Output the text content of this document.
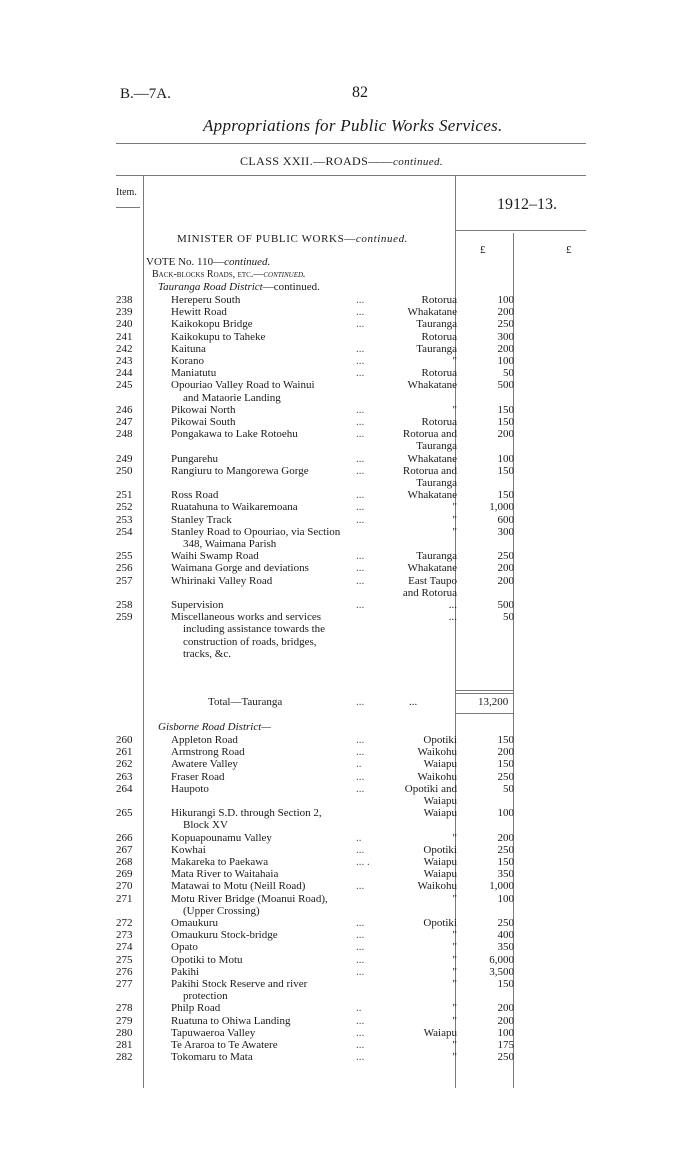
B.—7A.	82
Appropriations for Public Works Services.
CLASS XXII.—ROADS——continued.
Item.
1912–13.
MINISTER OF PUBLIC WORKS—continued.
£	£
VOTE No. 110—continued.
Back-blocks Roads, etc.—continued.
Tauranga Road District—continued.
238	Hereperu South	...	Rotorua	100
239	Hewitt Road	...	Whakatane	200
240	Kaikokopu Bridge	...	Tauranga	250
241	Kaikokupu to Taheke	Rotorua	300
242	Kaituna	...	Tauranga	200
243	Korano	...	"	100
244	Maniatutu	...	Rotorua	50
245	Opouriao Valley Road to Wainui	Whakatane	500
and Mataorie Landing
246	Pikowai North	...	"	150
247	Pikowai South	...	Rotorua	150
248	Pongakawa to Lake Rotoehu	...	Rotorua and	200
Tauranga
249	Pungarehu	...	Whakatane	100
250	Rangiuru to Mangorewa Gorge	...	Rotorua and	150
Tauranga
251	Ross Road	...	Whakatane	150
252	Ruatahuna to Waikaremoana	...	"	1,000
253	Stanley Track	...	"	600
254	Stanley Road to Opouriao, via Section	"	300
348, Waimana Parish
255	Waihi Swamp Road	...	Tauranga	250
256	Waimana Gorge and deviations	...	Whakatane	200
257	Whirinaki Valley Road	...	East Taupo	200
and Rotorua
258	Supervision	...	...	500
259	Miscellaneous works and services	...	50
including assistance towards the
construction of roads, bridges,
tracks, &c.
Total—Tauranga	...	...	13,200
Gisborne Road District—
260	Appleton Road	...	Opotiki	150
261	Armstrong Road	...	Waikohu	200
262	Awatere Valley	..	Waiapu	150
263	Fraser Road	...	Waikohu	250
264	Haupoto	...	Opotiki and	50
Waiapu
265	Hikurangi S.D. through Section 2,	Waiapu	100
Block XV
266	Kopuapounamu Valley	..	"	200
267	Kowhai	...	Opotiki	250
268	Makareka to Paekawa	... .	Waiapu	150
269	Mata River to Waitahaia	Waiapu	350
270	Matawai to Motu (Neill Road)	...	Waikohu	1,000
271	Motu River Bridge (Moanui Road),	"	100
(Upper Crossing)
272	Omaukuru	...	Opotiki	250
273	Omaukuru Stock-bridge	...	"	400
274	Opato	...	"	350
275	Opotiki to Motu	...	"	6,000
276	Pakihi	...	"	3,500
277	Pakihi Stock Reserve and river	"	150
protection
278	Philp Road	..	"	200
279	Ruatuna to Ohiwa Landing	...	"	200
280	Tapuwaeroa Valley	...	Waiapu	100
281	Te Araroa to Te Awatere	...	"	175
282	Tokomaru to Mata	...	"	250
